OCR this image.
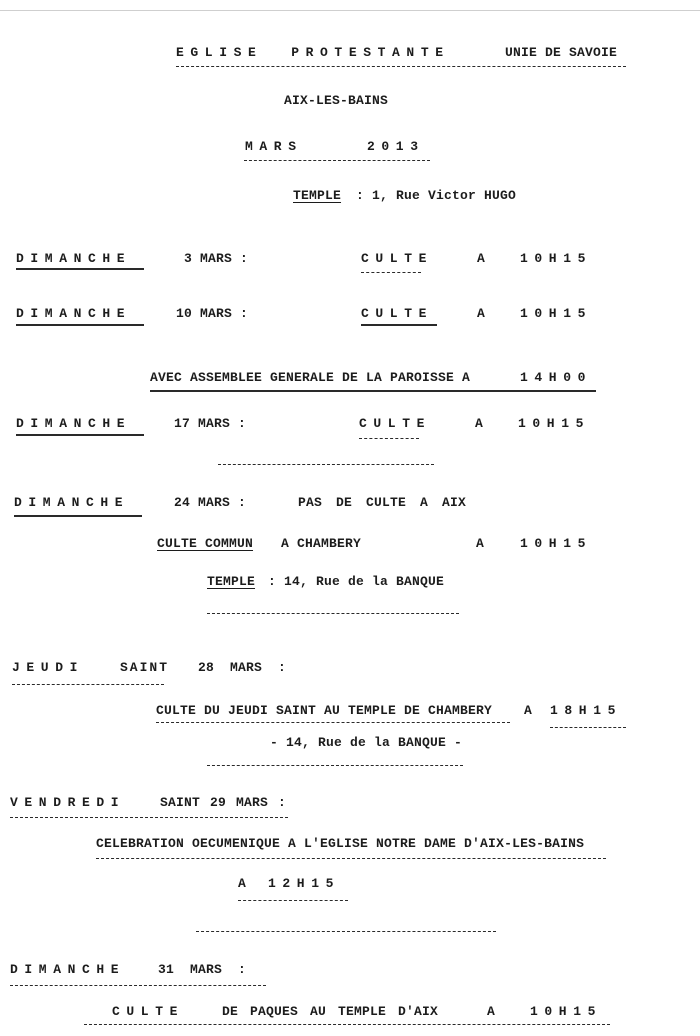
EGLISE  PROTESTANTE	UNIE DE SAVOIE
AIX-LES-BAINS
MARS	2013
TEMPLE : 1, Rue Victor HUGO
DIMANCHE	3 MARS :	CULTE	A	10H15
DIMANCHE	10 MARS :	CULTE	A	10H15
AVEC ASSEMBLEE GENERALE DE LA PAROISSE A	14H00
DIMANCHE	17 MARS :	CULTE	A	10H15
DIMANCHE	24 MARS :	PAS DE CULTE A AIX
CULTE COMMUN A CHAMBERY	A	10H15
TEMPLE : 14, Rue de la BANQUE
JEUDI	SAINT 28 MARS :
CULTE DU JEUDI SAINT AU TEMPLE DE CHAMBERY A 18H15
- 14, Rue de la BANQUE -
VENDREDI	SAINT 29 MARS :
CELEBRATION OECUMENIQUE A L'EGLISE NOTRE DAME D'AIX-LES-BAINS
A 12H15
DIMANCHE	31 MARS :
CULTE	DE PAQUES AU TEMPLE D'AIX	A	10H15
